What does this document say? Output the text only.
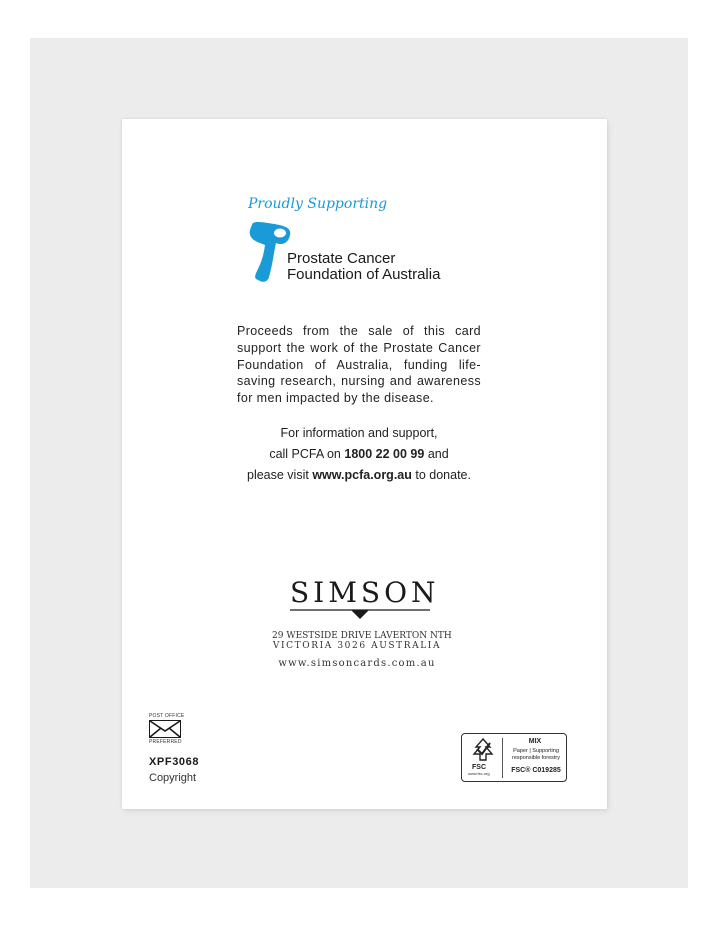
Proudly Supporting
Prostate Cancer
Foundation of Australia
Proceeds from the sale of this card support the work of the Prostate Cancer Foundation of Australia, funding life-saving research, nursing and awareness for men impacted by the disease.
For information and support,
call PCFA on 1800 22 00 99 and
please visit www.pcfa.org.au to donate.
SIMSON
29 WESTSIDE DRIVE LAVERTON NTH
VICTORIA 3026 AUSTRALIA
www.simsoncards.com.au
POST OFFICE
PREFERRED
XPF3068
Copyright
FSC
www.fsc.org
MIX
Paper | Supporting
responsible forestry
FSC® C019285
